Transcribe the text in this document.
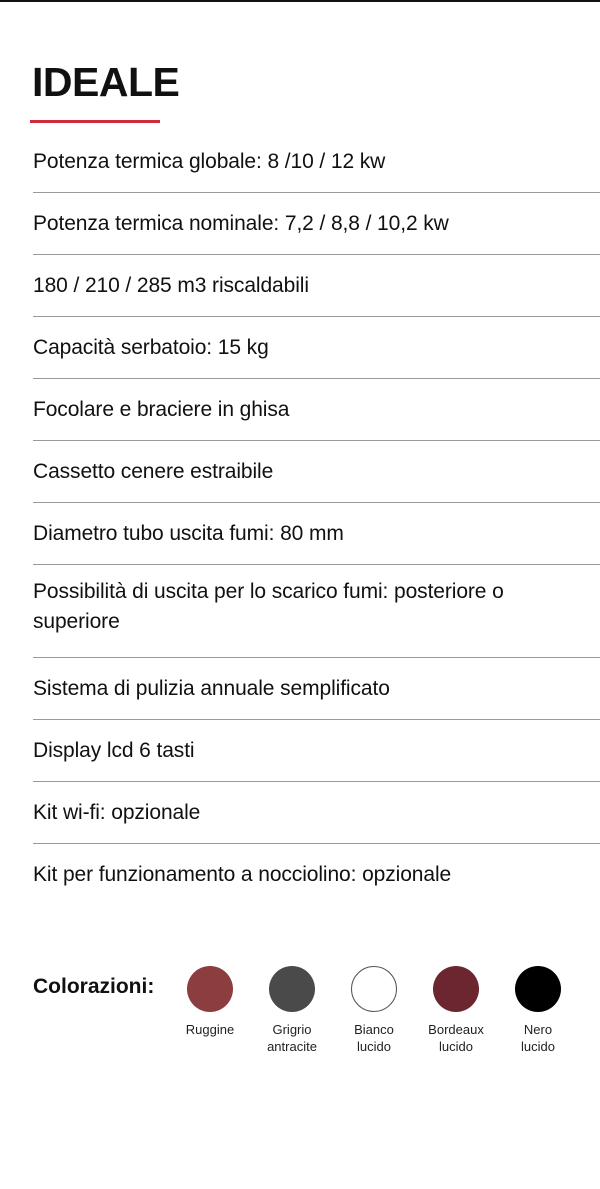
IDEALE
Potenza termica globale: 8 /10 / 12 kw
Potenza termica nominale: 7,2 / 8,8 / 10,2 kw
180 / 210 / 285 m3 riscaldabili
Capacità serbatoio: 15 kg
Focolare e braciere in ghisa
Cassetto cenere estraibile
Diametro tubo uscita fumi: 80 mm
Possibilità di uscita per lo scarico fumi: posteriore o superiore
Sistema di pulizia annuale semplificato
Display lcd 6 tasti
Kit wi-fi: opzionale
Kit per funzionamento a nocciolino: opzionale
Colorazioni:
Ruggine	Grigrio
antracite
Bianco
lucido
Bordeaux
lucido
Nero
lucido
